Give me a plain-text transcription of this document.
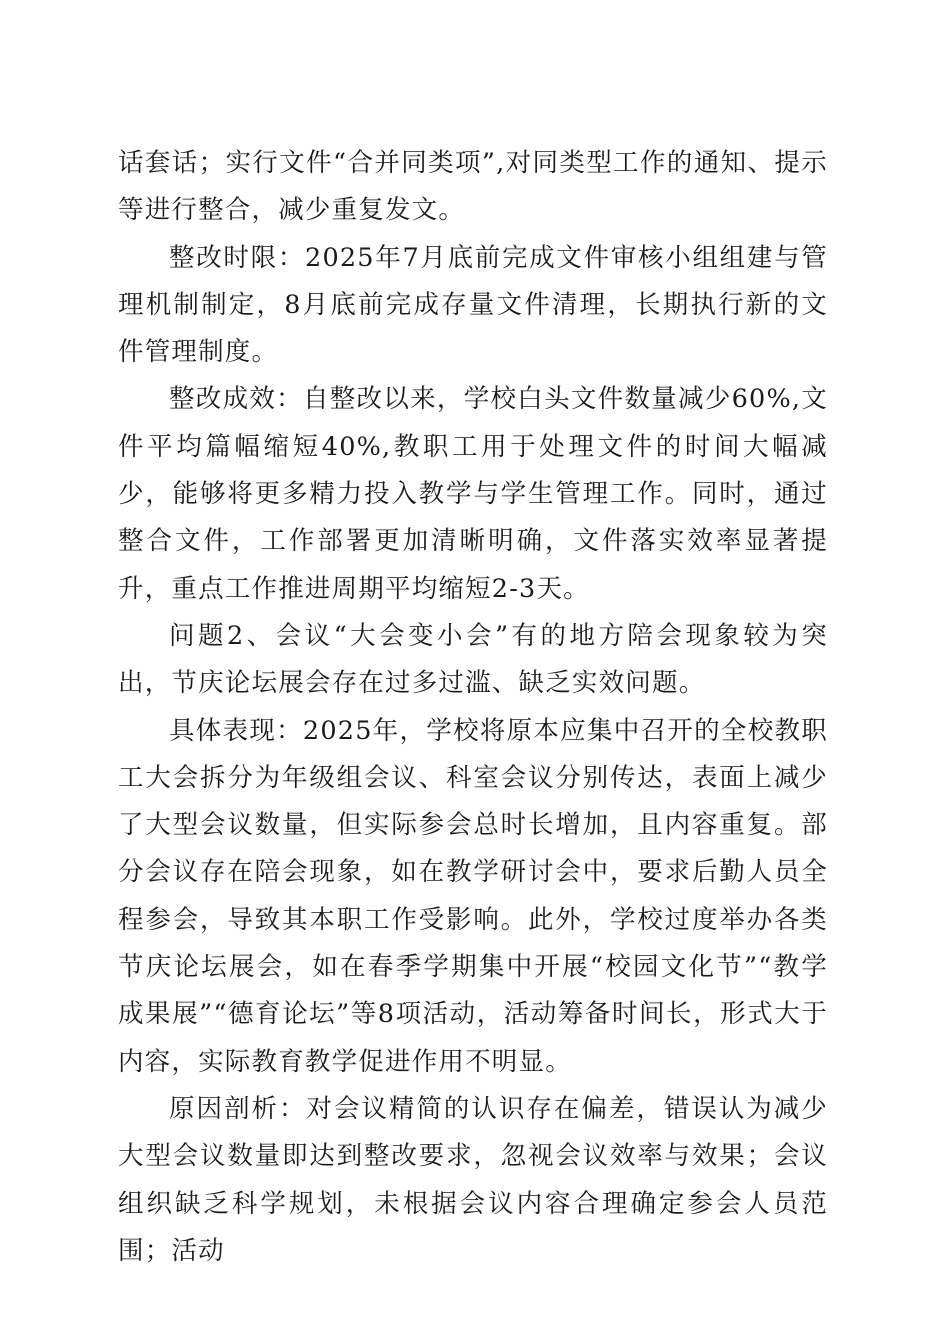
话套话；实行文件“合并同类项”,对同类型工作的通知、提示等进行整合，减少重复发文。

整改时限：2025年7月底前完成文件审核小组组建与管理机制制定，8月底前完成存量文件清理，长期执行新的文件管理制度。

整改成效：自整改以来，学校白头文件数量减少60%,文件平均篇幅缩短40%,教职工用于处理文件的时间大幅减少，能够将更多精力投入教学与学生管理工作。同时，通过整合文件，工作部署更加清晰明确，文件落实效率显著提升，重点工作推进周期平均缩短2-3天。

问题2、会议“大会变小会”有的地方陪会现象较为突出，节庆论坛展会存在过多过滥、缺乏实效问题。

具体表现：2025年，学校将原本应集中召开的全校教职工大会拆分为年级组会议、科室会议分别传达，表面上减少了大型会议数量，但实际参会总时长增加，且内容重复。部分会议存在陪会现象，如在教学研讨会中，要求后勤人员全程参会，导致其本职工作受影响。此外，学校过度举办各类节庆论坛展会，如在春季学期集中开展“校园文化节”“教学成果展”“德育论坛”等8项活动，活动筹备时间长，形式大于内容，实际教育教学促进作用不明显。

原因剖析：对会议精简的认识存在偏差，错误认为减少大型会议数量即达到整改要求，忽视会议效率与效果；会议组织缺乏科学规划，未根据会议内容合理确定参会人员范围；活动
